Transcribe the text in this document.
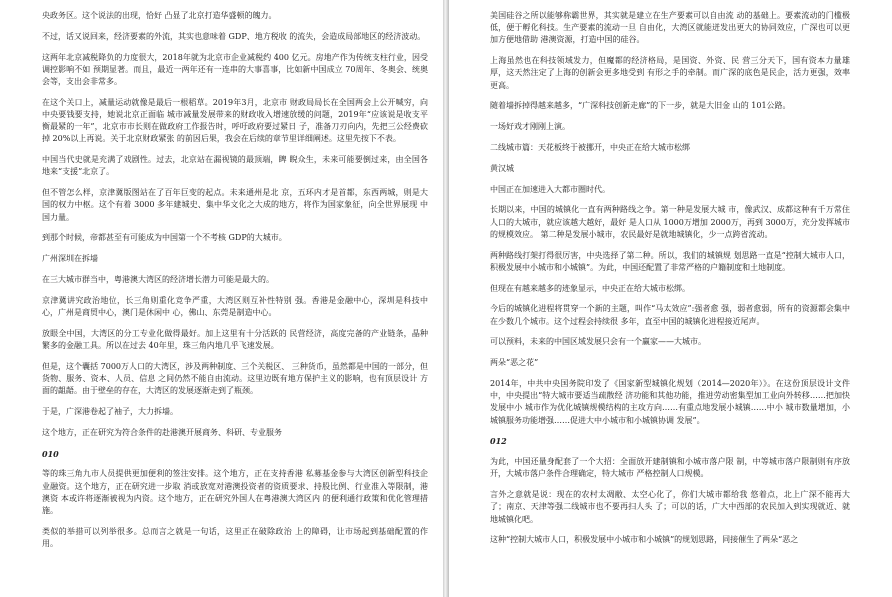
央政务区。这个说法的出现，恰好 凸显了北京打造华盛顿的魄力。

不过，话又说回来，经济要素的外流，其实也意味着 GDP、地方税收 的流失，会造成局部地区的经济波动。

这两年北京减税降负的力度很大，2018年就为北京市企业减税约 400 亿元。房地产作为传统支柱行业，因受调控影响不如 预期显著。而且，最近一两年还有一连串的大事喜事，比如新中国成立 70周年、冬奥会、统奥会等，支出会非常多。

在这个关口上，减量运动就像是最后一根稻草。2019年3月，北京市 财政局局长在全国两会上公开喊穷，向中央要钱要支持，她说北京正面临 城市减量发展带来的财政收入增速放缓的问题，2019年“应该说是收支平 衡最紧的一年”，北京市市长则在做政府工作报告时，呼吁政府要过紧日 子，准备刀刃向内，先把三公经费砍掉 20%以上再说。关于北京财政紧张 的前因后果，我会在后续的章节里详细阐述。这里先按下不表。

中国当代史就是充满了戏剧性。过去，北京站在漏视镜的最顶端，睥 睨众生，未来可能要倒过来，由全国各地来“支援”北京了。

但不管怎么样，京津冀版图站在了百年巨变的起点。未来通州是北 京，五环内才是首都，东西两城，则是大国的权力中枢。这个有着 3000 多年建城史、集中华文化之大成的地方，将作为国家象征，向全世界展现 中国力量。

到那个时候，帝都甚至有可能成为中国第一个不考核 GDP的大城市。

广州深圳在拆墙

在三大城市群当中，粤港澳大湾区的经济增长潜力可能是最大的。

京津冀讲究政治地位，长三角则重化竞争严重，大湾区则互补性特别 强。香港是金融中心，深圳是科技中心，广州是商贸中心，澳门是休闲中 心，佛山、东莞是制造中心。

放眼全中国，大湾区的分工专业化做得最好。加上这里有十分活跃的 民营经济，高度完备的产业链条，晶种繁多的金融工具。所以在过去 40年里，珠三角内地几乎飞速发展。

但是，这个囊括 7000万人口的大湾区，涉及两种制度、三个关税区、 三种货币，虽然都是中国的一部分，但货物、服务、资本、人员、信息 之间仍然不能自由流动。这里边既有地方保护主义的影响，也有顶层设计 方面的龃龉。由于壁垒的存在，大湾区的发展逐渐走到了瓶颈。

于是，广深港卷起了袖子，大力拆墙。

这个地方，正在研究为符合条件的赴港澳开展商务、科研、专业服务

010

等的珠三角九市人员提供更加便利的签注安排。这个地方，正在支持香港 私募基金参与大湾区创新型科技企业融资。这个地方，正在研究进一步取 消或放宽对港澳投资者的资质要求、持股比例、行业准入等限制，港澳资 本或许将逐渐被视为内资。这个地方，正在研究外国人在粤港澳大湾区内 的便利通行政策和优化管理措施。

类似的举措可以列举很多。总而言之就是一句话，这里正在破除政治 上的障碍，让市场起到基础配置的作用。

美国硅谷之所以能够称霸世界，其实就是建立在生产要素可以自由流 动的基础上。要素流动的门槛极低，便于孵化科技。生产要素的流动一旦 自由化，大湾区就能迸发出更大的协同效应，广深也可以更加方便地借助 港澳资源，打造中国的硅谷。

上海虽然也在科技领域发力，但魔都的经济格局，是国资、外资、民 营三分天下，国有资本力量雄厚，这天然注定了上海的创新会更多地受到 有形之手的牵制。而广深的底色是民企，活力更强，效率更高。

随着墙拆掉得越来越多，“广深科技创新走廊”的下一步，就是大旧金 山的 101公路。

一场好戏才刚刚上演。

二线城市篇：天花板终于被挪开，中央正在给大城市松绑

黄汉城

中国正在加速进入大都市圈时代。

长期以来，中国的城镇化一直有两种路线之争。第一种是发展大城 市，像武汉、成都这种有千万常住人口的大城市，就应该越大越好，最好 是人口从 1000万增加 2000万，再到 3000万，充分发挥城市的规模效应。 第二种是发展小城市，农民最好是就地城镇化，少一点跨省流动。

两种路线打架打得很厉害，中央选择了第二种。所以，我们的城镇规 划思路一直是“控制大城市人口，积极发展中小城市和小城镇”。为此，中国还配置了非常严格的户籍制度和土地制度。

但现在有越来越多的迹象显示，中央正在给大城市松绑。

今后的城镇化进程将贯穿一个新的主题，叫作“马太效应”:强者愈 强，弱者愈弱，所有的资源都会集中在少数几个城市。这个过程会持续很 多年，直至中国的城镇化进程接近尾声。

可以预料，未来的中国区域发展只会有一个赢家——大城市。

两朵“恶之花”

2014年，中共中央国务院印发了《国家新型城镇化规划（2014—2020年）》。在这份顶层设计文件中，中央提出“特大城市要适当疏散经 济功能和其他功能，推进劳动密集型加工业向外转移……把加快发展中小 城市作为优化城镇规模结构的主攻方向……有重点地发展小城镇……中小 城市数量增加，小城镇服务功能增强……促进大中小城市和小城镇协调 发展”。

012

为此，中国还量身配套了一个大招：全面放开建制镇和小城市落户限 制，中等城市落户限制则有序放开，大城市落户条件合理确定，特大城市 严格控制人口规模。

言外之意就是说：现在的农村太凋敝、太空心化了，你们大城市都给我 悠着点，北上广深不能再大了；南京、天津等强二线城市也不要再扫人头 了；可以的话，广大中西部的农民加入到实现就近、就地城镇化吧。

这种“控制大城市人口，积极发展中小城市和小城镇”的规划思路，同接催生了两朵“恶之
